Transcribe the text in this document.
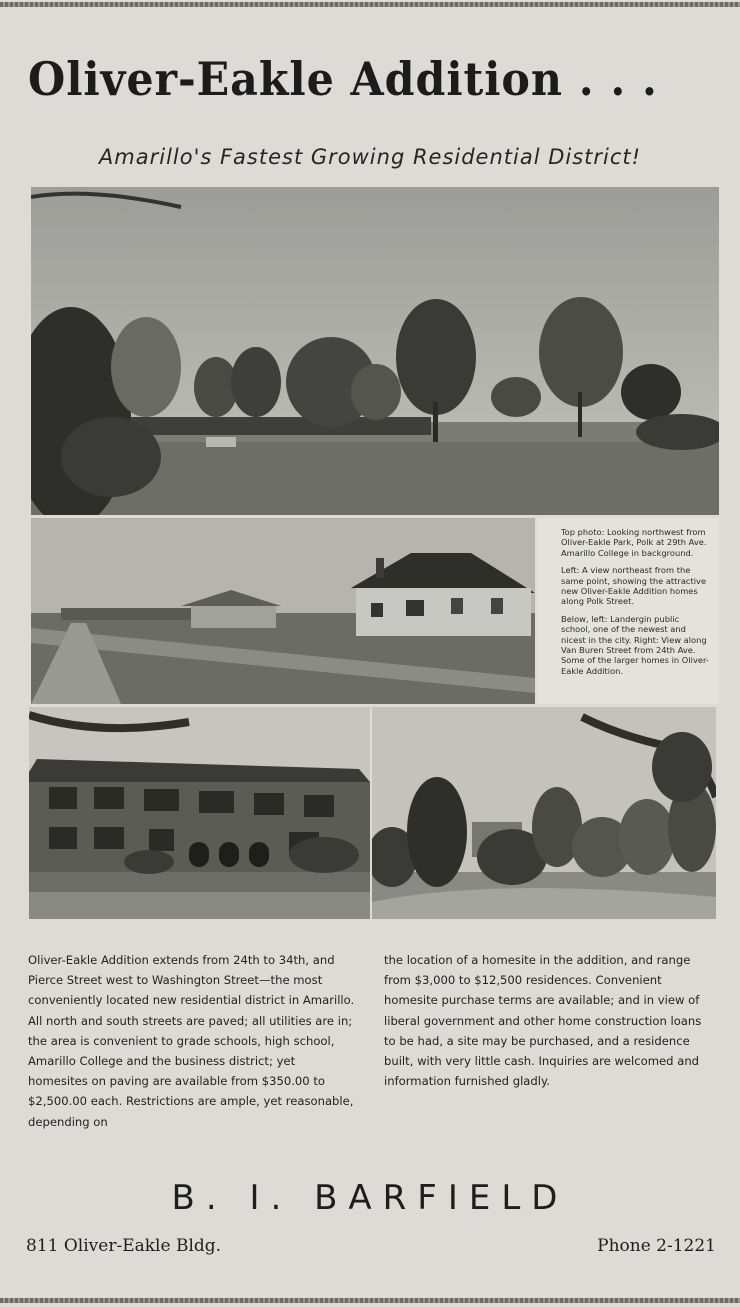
Oliver-Eakle Addition . . .
Amarillo's Fastest Growing Residential District!

Top photo: Looking northwest from Oliver-Eakle Park, Polk at 29th Ave. Amarillo College in background.

Left: A view northeast from the same point, showing the attractive new Oliver-Eakle Addition homes along Polk Street.

Below, left: Landergin public school, one of the newest and nicest in the city. Right: View along Van Buren Street from 24th Ave. Some of the larger homes in Oliver-Eakle Addition.

Oliver-Eakle Addition extends from 24th to 34th, and Pierce Street west to Washington Street—the most conveniently located new residential district in Amarillo. All north and south streets are paved; all utilities are in; the area is convenient to grade schools, high school, Amarillo College and the business district; yet homesites on paving are available from $350.00 to $2,500.00 each. Restrictions are ample, yet reasonable, depending on
the location of a homesite in the addition, and range from $3,000 to $12,500 residences. Convenient homesite purchase terms are available; and in view of liberal government and other home construction loans to be had, a site may be purchased, and a residence built, with very little cash. Inquiries are welcomed and information furnished gladly.
B. I. BARFIELD
811 Oliver-Eakle Bldg.	Phone 2-1221
